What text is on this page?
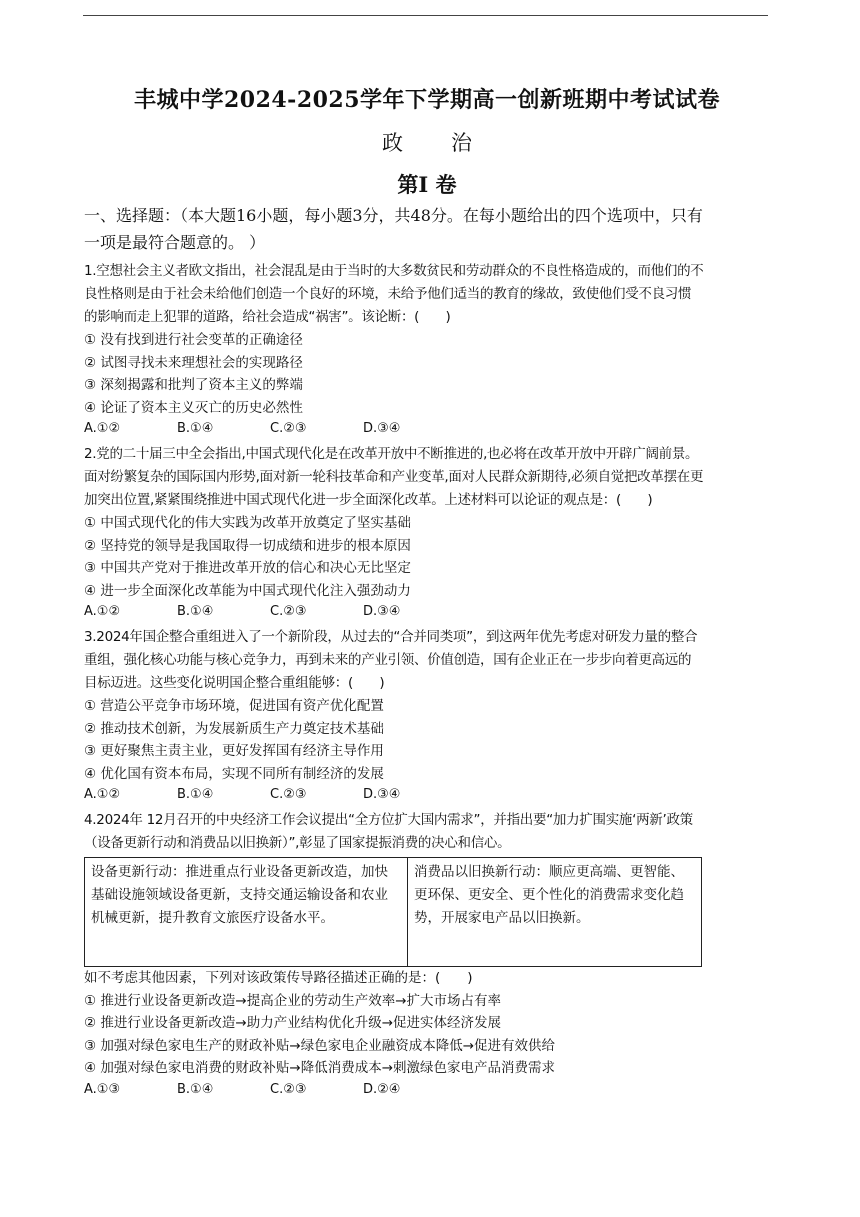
丰城中学2024-2025学年下学期高一创新班期中考试试卷
政 治
第I 卷
一、选择题：（本大题16小题，每小题3分，共48分。在每小题给出的四个选项中，只有
一项是最符合题意的。 ）
1.空想社会主义者欧文指出，社会混乱是由于当时的大多数贫民和劳动群众的不良性格造成的，而他们的不
良性格则是由于社会未给他们创造一个良好的环境，未给予他们适当的教育的缘故，致使他们受不良习惯
的影响而走上犯罪的道路，给社会造成“祸害”。该论断：(　　)
① 没有找到进行社会变革的正确途径
② 试图寻找未来理想社会的实现路径
③ 深刻揭露和批判了资本主义的弊端
④ 论证了资本主义灭亡的历史必然性
A.①②	B.①④	C.②③	D.③④
2.党的二十届三中全会指出,中国式现代化是在改革开放中不断推进的,也必将在改革开放中开辟广阔前景。
面对纷繁复杂的国际国内形势,面对新一轮科技革命和产业变革,面对人民群众新期待,必须自觉把改革摆在更
加突出位置,紧紧围绕推进中国式现代化进一步全面深化改革。上述材料可以论证的观点是：(　　)
① 中国式现代化的伟大实践为改革开放奠定了坚实基础
② 坚持党的领导是我国取得一切成绩和进步的根本原因
③ 中国共产党对于推进改革开放的信心和决心无比坚定
④ 进一步全面深化改革能为中国式现代化注入强劲动力
A.①②	B.①④	C.②③	D.③④
3.2024年国企整合重组进入了一个新阶段，从过去的“合并同类项”，到这两年优先考虑对研发力量的整合
重组，强化核心功能与核心竞争力，再到未来的产业引领、价值创造，国有企业正在一步步向着更高远的
目标迈进。这些变化说明国企整合重组能够：(　　)
① 营造公平竞争市场环境，促进国有资产优化配置
② 推动技术创新，为发展新质生产力奠定技术基础
③ 更好聚焦主责主业，更好发挥国有经济主导作用
④ 优化国有资本布局，实现不同所有制经济的发展
A.①②	B.①④	C.②③	D.③④
4.2024年 12月召开的中央经济工作会议提出“全方位扩大国内需求”，并指出要“加力扩围实施‘两新’政策
（设备更新行动和消费品以旧换新）”,彰显了国家提振消费的决心和信心。
设备更新行动：推进重点行业设备更新改造，加快基础设施领域设备更新，支持交通运输设备和农业机械更新，提升教育文旅医疗设备水平。
消费品以旧换新行动：顺应更高端、更智能、更环保、更安全、更个性化的消费需求变化趋势，开展家电产品以旧换新。
如不考虑其他因素，下列对该政策传导路径描述正确的是：(　　)
① 推进行业设备更新改造→提高企业的劳动生产效率→扩大市场占有率
② 推进行业设备更新改造→助力产业结构优化升级→促进实体经济发展
③ 加强对绿色家电生产的财政补贴→绿色家电企业融资成本降低→促进有效供给
④ 加强对绿色家电消费的财政补贴→降低消费成本→刺激绿色家电产品消费需求
A.①③	B.①④	C.②③	D.②④
